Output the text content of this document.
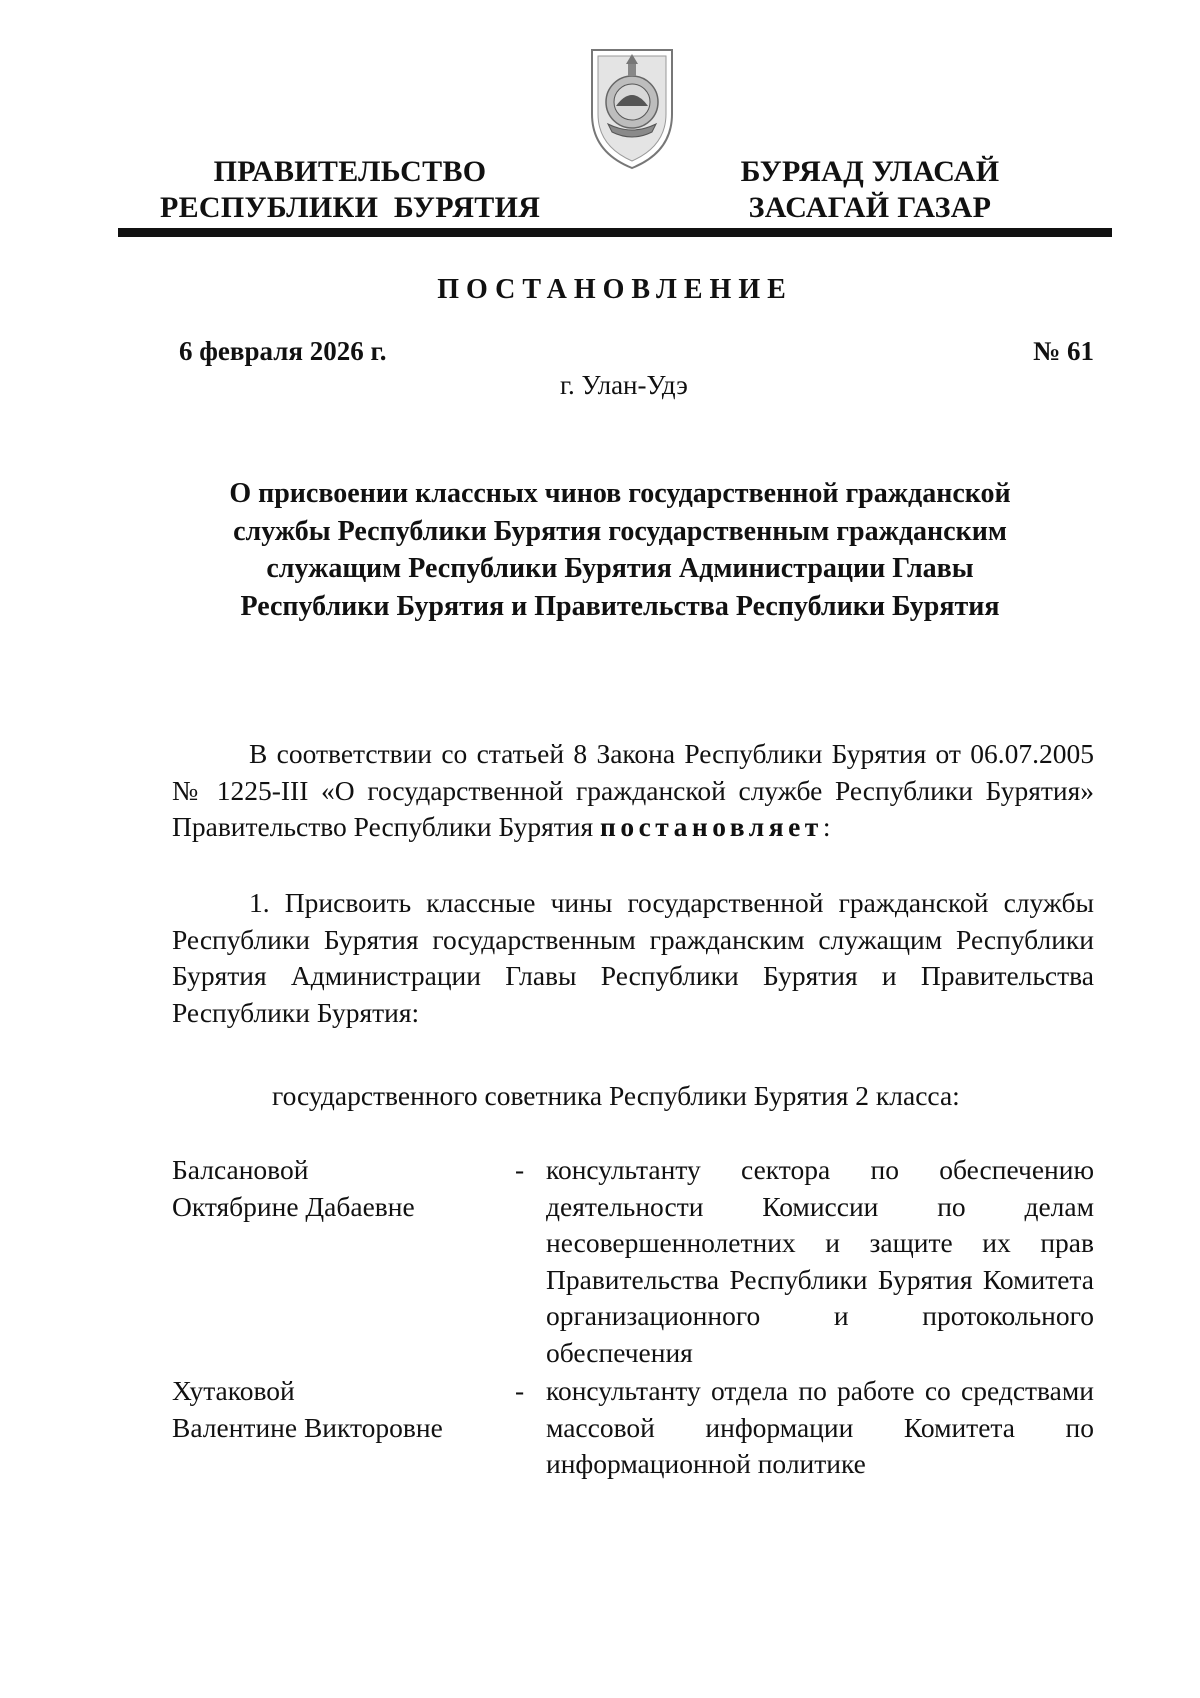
ПРАВИТЕЛЬСТВО
РЕСПУБЛИКИ  БУРЯТИЯ
БУРЯАД УЛАСАЙ
ЗАСАГАЙ ГАЗАР
ПОСТАНОВЛЕНИЕ
6 февраля 2026 г.	№ 61
г. Улан-Удэ
О присвоении классных чинов государственной гражданской службы Республики Бурятия государственным гражданским служащим Республики Бурятия Администрации Главы Республики Бурятия и Правительства Республики Бурятия
В соответствии со статьей 8 Закона Республики Бурятия от 06.07.2005 № 1225-III «О государственной гражданской службе Республики Бурятия» Правительство Республики Бурятия постановляет:
1. Присвоить классные чины государственной гражданской службы Республики Бурятия государственным гражданским служащим Республики Бурятия Администрации Главы Республики Бурятия и Правительства Республики Бурятия:
государственного советника Республики Бурятия 2 класса:
Балсановой
Октябрине Дабаевне
- консультанту сектора по обеспечению деятельности Комиссии по делам несовершеннолетних и защите их прав Правительства Республики Бурятия Комитета организационного и протокольного обеспечения
Хутаковой
Валентине Викторовне
- консультанту отдела по работе со средствами массовой информации Комитета по информационной политике
